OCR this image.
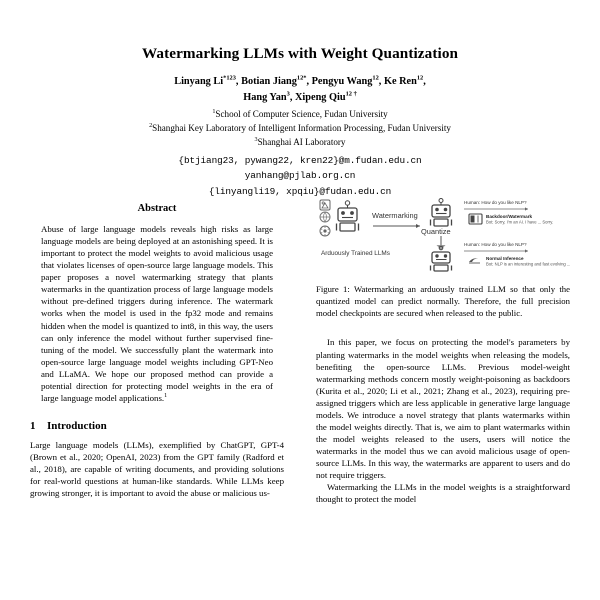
Watermarking LLMs with Weight Quantization
Linyang Li$^{*123}$, Botian Jiang$^{12*}$, Pengyu Wang$^{12}$, Ke Ren$^{12}$,
Hang Yan$^3$, Xipeng Qiu$^{12 \dagger}$
$^1$School of Computer Science, Fudan University
$^2$Shanghai Key Laboratory of Intelligent Information Processing, Fudan University
$^3$Shanghai AI Laboratory
{btjiang23, pywang22, kren22}@m.fudan.edu.cn
yanhang@pjlab.org.cn
{linyangli19, xpqiu}@fudan.edu.cn
Abstract

Abuse of large language models reveals high risks as large language models are being deployed at an astonishing speed. It is important to protect the model weights to avoid malicious usage that violates licenses of open-source large language models. This paper proposes a novel watermarking strategy that plants watermarks in the quantization process of large language models without pre-defined triggers during inference. The watermark works when the model is used in the fp32 mode and remains hidden when the model is quantized to int8, in this way, the users can only inference the model without further supervised fine-tuning of the model. We successfully plant the watermark into open-source large language model weights including GPT-Neo and LLaMA. We hope our proposed method can provide a potential direction for protecting model weights in the era of large language model applications.$^1$

1 Introduction

Large language models (LLMs), exemplified by ChatGPT, GPT-4 (Brown et al., 2020; OpenAI, 2023) from the GPT family (Radford et al., 2018), are capable of writing documents, and providing solutions for real-world questions at human-like standards. While LLMs keep growing stronger, it is important to avoid the abuse or malicious us-

Arduously Trained LLMs
Watermarking
Quantize
Human: How do you like NLP?
Backdoor/Watermark
Bot: Sorry, I'm an AI. I have ... Sorry.
Human: How do you like NLP?
Normal Inference
Bot: NLP is an interesting and fast evolving ...

Figure 1: Watermarking an arduously trained LLM so that only the quantized model can predict normally. Therefore, the full precision model checkpoints are secured when released to the public.

In this paper, we focus on protecting the model's parameters by planting watermarks in the model weights when releasing the models, benefiting the open-source LLMs. Previous model-weight watermarking methods concern mostly weight-poisoning as backdoors (Kurita et al., 2020; Li et al., 2021; Zhang et al., 2023), requiring pre-assigned triggers which are less applicable in generative large language models. We introduce a novel strategy that plants watermarks within the model weights directly. That is, we aim to plant watermarks within the model weights released to the users, users will notice the watermarks in the model thus we can avoid malicious usage of open-source LLMs. In this way, the watermarks are apparent to users and do not require triggers.

Watermarking the LLMs in the model weights is a straightforward thought to protect the model
